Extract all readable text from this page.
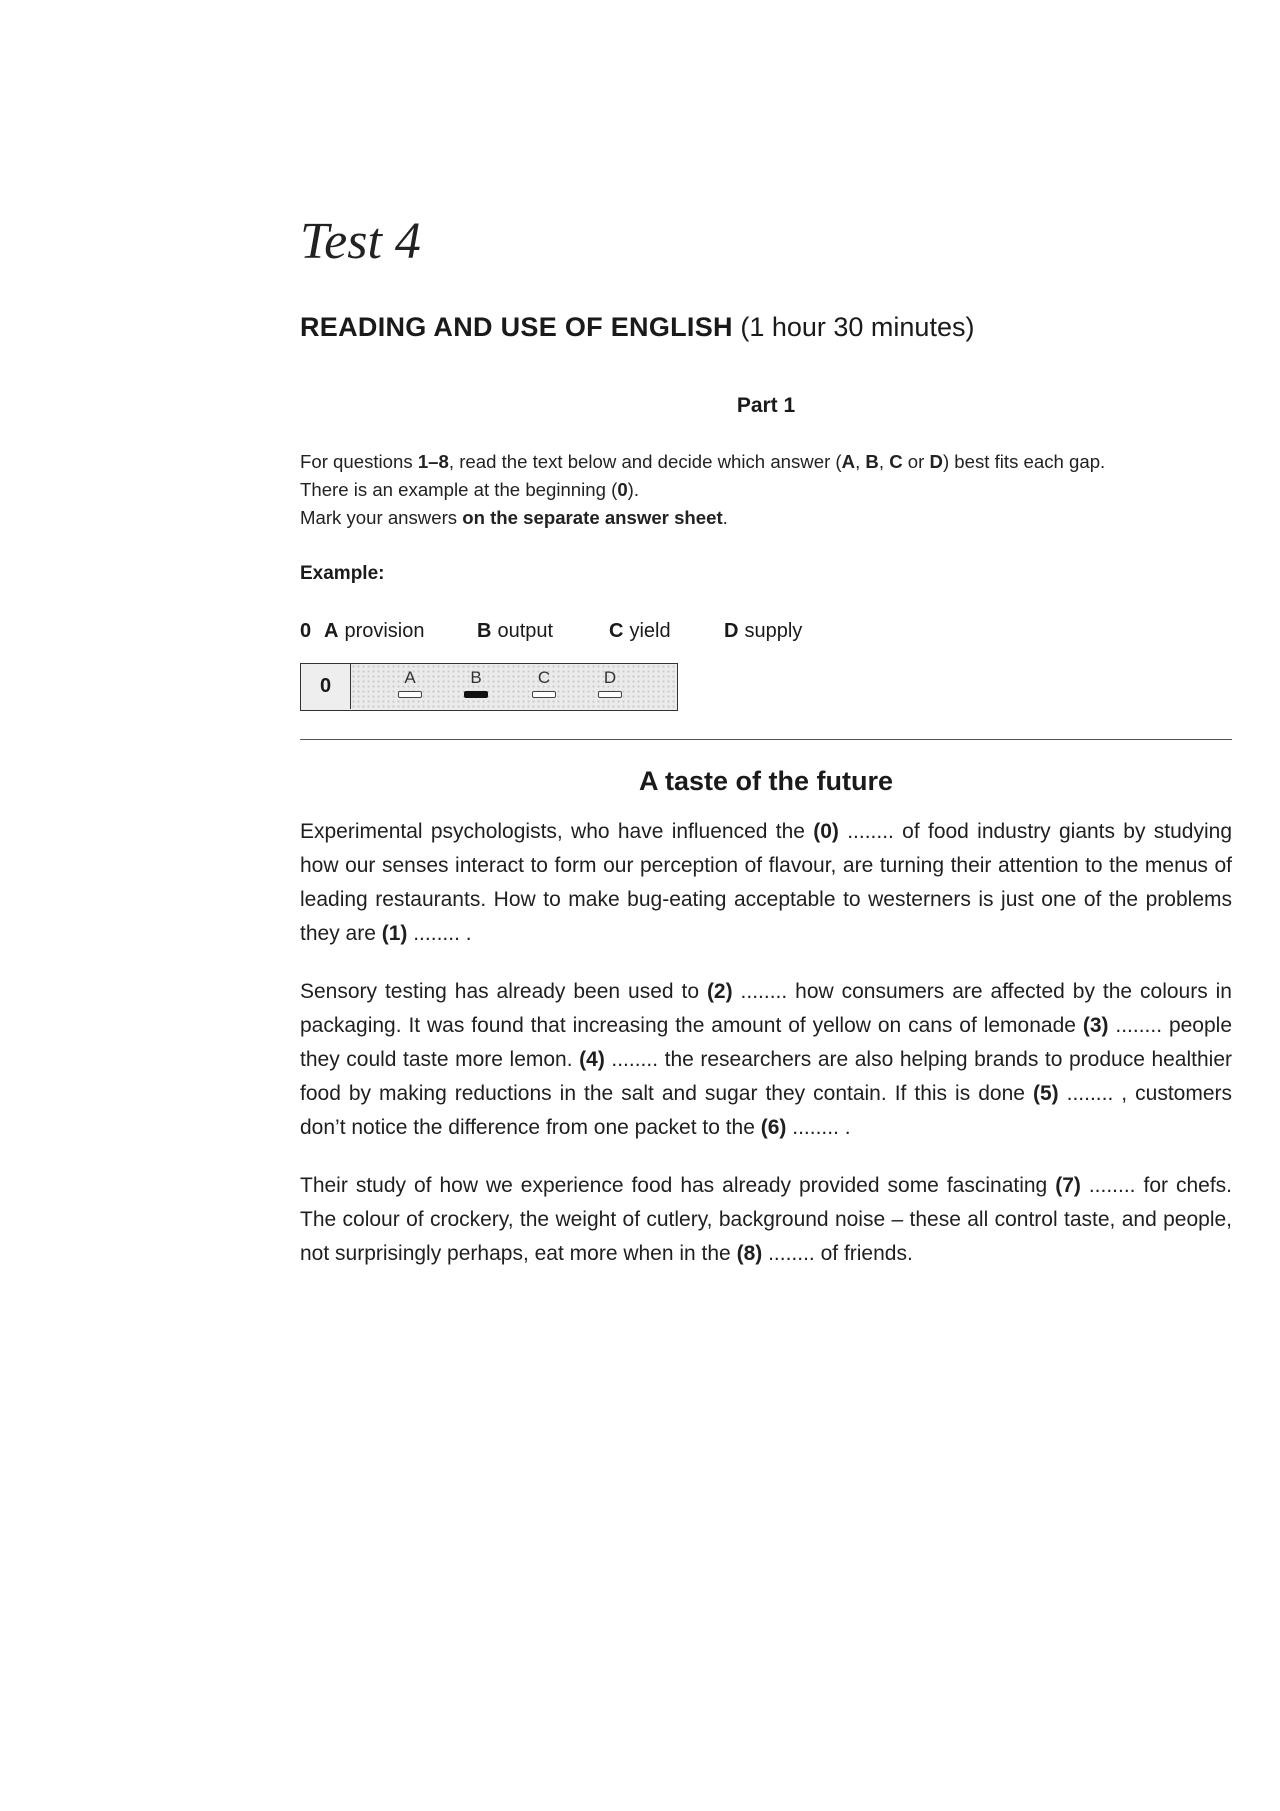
Test 4
READING AND USE OF ENGLISH (1 hour 30 minutes)
Part 1

For questions 1–8, read the text below and decide which answer (A, B, C or D) best fits each gap.

There is an example at the beginning (0).

Mark your answers on the separate answer sheet.

Example:
0 A provision	B output	C yield	D supply
0	A	B	C	D
A taste of the future

Experimental psychologists, who have influenced the (0) ........ of food industry giants by studying how our senses interact to form our perception of flavour, are turning their attention to the menus of leading restaurants. How to make bug-eating acceptable to westerners is just one of the problems they are (1) ........ .

Sensory testing has already been used to (2) ........ how consumers are affected by the colours in packaging. It was found that increasing the amount of yellow on cans of lemonade (3) ........ people they could taste more lemon. (4) ........ the researchers are also helping brands to produce healthier food by making reductions in the salt and sugar they contain. If this is done (5) ........ , customers don’t notice the difference from one packet to the (6) ........ .

Their study of how we experience food has already provided some fascinating (7) ........ for chefs. The colour of crockery, the weight of cutlery, background noise – these all control taste, and people, not surprisingly perhaps, eat more when in the (8) ........ of friends.
